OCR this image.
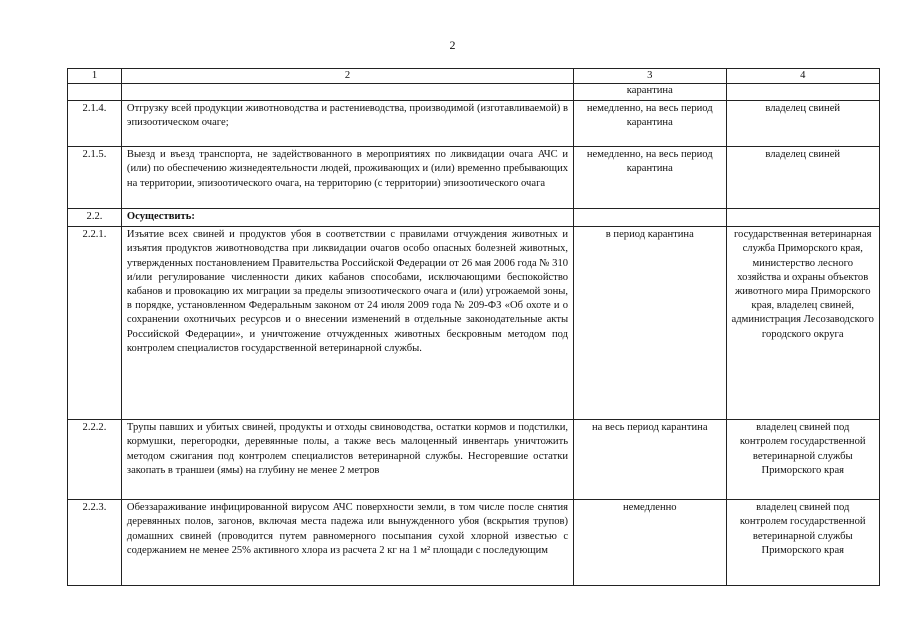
2
1	2	3	4
		карантина	
2.1.4.	Отгрузку всей продукции животноводства и растениеводства, производимой (изготавливаемой) в эпизоотическом очаге;	немедленно, на весь период карантина	владелец свиней
2.1.5.	Выезд и въезд транспорта, не задействованного в мероприятиях по ликвидации очага АЧС и (или) по обеспечению жизнедеятельности людей, проживающих и (или) временно пребывающих на территории, эпизоотического очага, на территорию (с территории) эпизоотического очага	немедленно, на весь период карантина	владелец свиней
2.2.	Осуществить:		
2.2.1.	Изъятие всех свиней и продуктов убоя в соответствии с правилами отчуждения животных и изъятия продуктов животноводства при ликвидации очагов особо опасных болезней животных, утвержденных постановлением Правительства Российской Федерации от 26 мая 2006 года № 310 и/или регулирование численности диких кабанов способами, исключающими беспокойство кабанов и провокацию их миграции за пределы эпизоотического очага и (или) угрожаемой зоны, в порядке, установленном Федеральным законом от 24 июля 2009 года № 209-ФЗ «Об охоте и о сохранении охотничьих ресурсов и о внесении изменений в отдельные законодательные акты Российской Федерации», и уничтожение отчужденных животных бескровным методом под контролем специалистов государственной ветеринарной службы.	в период карантина	государственная ветеринарная служба Приморского края, министерство лесного хозяйства и охраны объектов животного мира Приморского края, владелец свиней, администрация Лесозаводского городского округа
2.2.2.	Трупы павших и убитых свиней, продукты и отходы свиноводства, остатки кормов и подстилки, кормушки, перегородки, деревянные полы, а также весь малоценный инвентарь уничтожить методом сжигания под контролем специалистов ветеринарной службы. Несгоревшие остатки закопать в траншеи (ямы) на глубину не менее 2 метров	на весь период карантина	владелец свиней под контролем государственной ветеринарной службы Приморского края
2.2.3.	Обеззараживание инфицированной вирусом АЧС поверхности земли, в том числе после снятия деревянных полов, загонов, включая места падежа или вынужденного убоя (вскрытия трупов) домашних свиней (проводится путем равномерного посыпания сухой хлорной известью с содержанием не менее 25% активного хлора из расчета 2 кг на 1 м² площади с последующим	немедленно	владелец свиней под контролем государственной ветеринарной службы Приморского края
